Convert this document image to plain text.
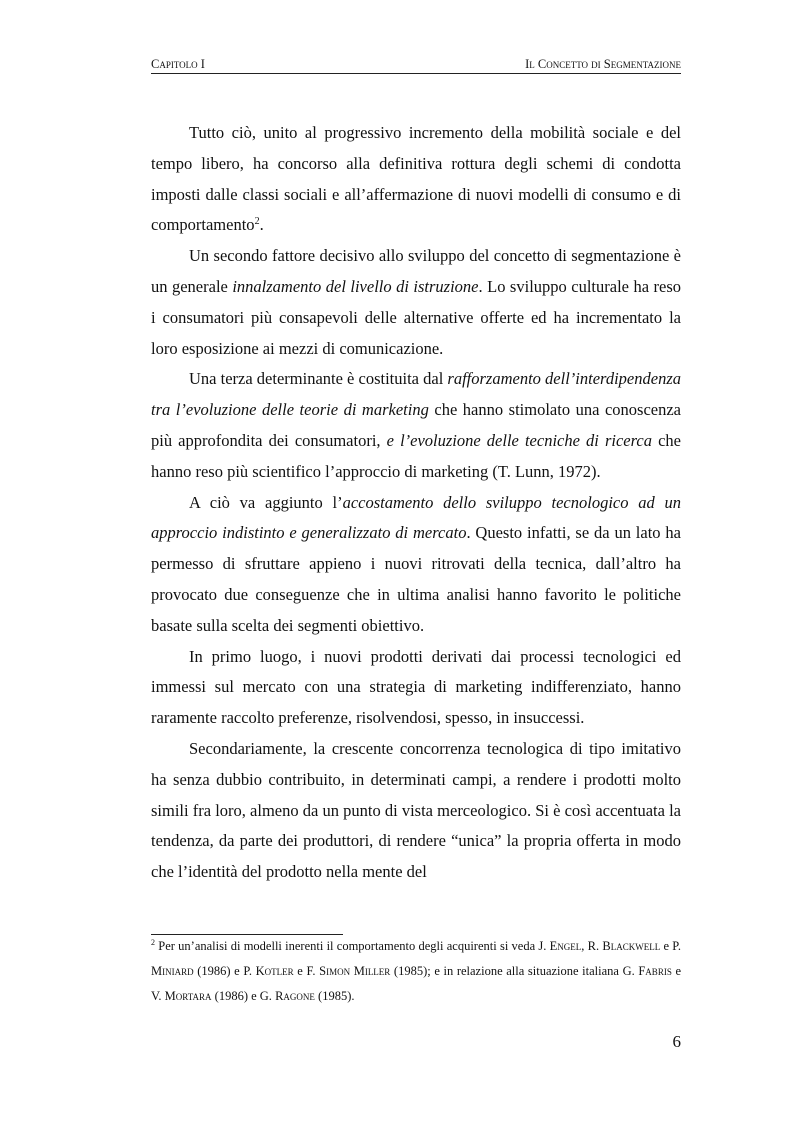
Capitolo I	Il Concetto di Segmentazione

Tutto ciò, unito al progressivo incremento della mobilità sociale e del tempo libero, ha concorso alla definitiva rottura degli schemi di condotta imposti dalle classi sociali e all’affermazione di nuovi modelli di consumo e di comportamento$^2$.

Un secondo fattore decisivo allo sviluppo del concetto di segmentazione è un generale innalzamento del livello di istruzione. Lo sviluppo culturale ha reso i consumatori più consapevoli delle alternative offerte ed ha incrementato la loro esposizione ai mezzi di comunicazione.

Una terza determinante è costituita dal rafforzamento dell’interdipendenza tra l’evoluzione delle teorie di marketing che hanno stimolato una conoscenza più approfondita dei consumatori, e l’evoluzione delle tecniche di ricerca che hanno reso più scientifico l’approccio di marketing (T. Lunn, 1972).

A ciò va aggiunto l’accostamento dello sviluppo tecnologico ad un approccio indistinto e generalizzato di mercato. Questo infatti, se da un lato ha permesso di sfruttare appieno i nuovi ritrovati della tecnica, dall’altro ha provocato due conseguenze che in ultima analisi hanno favorito le politiche basate sulla scelta dei segmenti obiettivo.

In primo luogo, i nuovi prodotti derivati dai processi tecnologici ed immessi sul mercato con una strategia di marketing indifferenziato, hanno raramente raccolto preferenze, risolvendosi, spesso, in insuccessi.

Secondariamente, la crescente concorrenza tecnologica di tipo imitativo ha senza dubbio contribuito, in determinati campi, a rendere i prodotti molto simili fra loro, almeno da un punto di vista merceologico. Si è così accentuata la tendenza, da parte dei produttori, di rendere “unica” la propria offerta in modo che l’identità del prodotto nella mente del

$^2$ Per un’analisi di modelli inerenti il comportamento degli acquirenti si veda J. Engel, R. Blackwell e P. Miniard (1986) e P. Kotler e F. Simon Miller (1985); e in relazione alla situazione italiana G. Fabris e V. Mortara (1986) e G. Ragone (1985).
6
